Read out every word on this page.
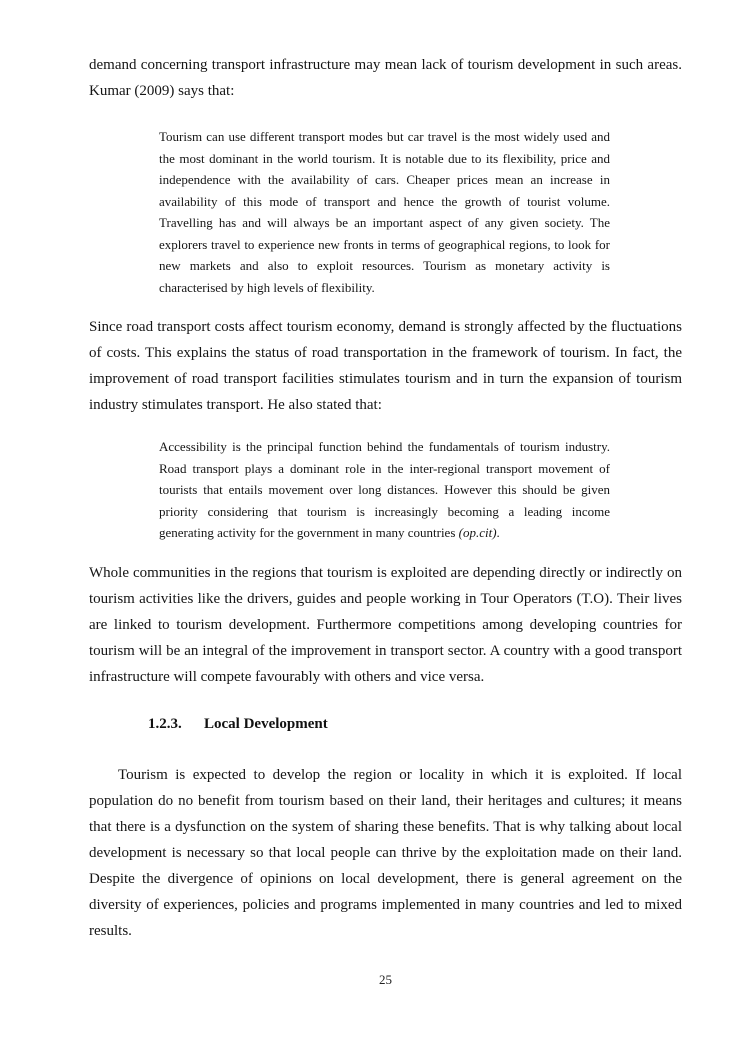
demand concerning transport infrastructure may mean lack of tourism development in such areas. Kumar (2009) says that:

Tourism can use different transport modes but car travel is the most widely used and the most dominant in the world tourism. It is notable due to its flexibility, price and independence with the availability of cars. Cheaper prices mean an increase in availability of this mode of transport and hence the growth of tourist volume. Travelling has and will always be an important aspect of any given society. The explorers travel to experience new fronts in terms of geographical regions, to look for new markets and also to exploit resources. Tourism as monetary activity is characterised by high levels of flexibility.

Since road transport costs affect tourism economy, demand is strongly affected by the fluctuations of costs. This explains the status of road transportation in the framework of tourism. In fact, the improvement of road transport facilities stimulates tourism and in turn the expansion of tourism industry stimulates transport. He also stated that:

Accessibility is the principal function behind the fundamentals of tourism industry. Road transport plays a dominant role in the inter-regional transport movement of tourists that entails movement over long distances. However this should be given priority considering that tourism is increasingly becoming a leading income generating activity for the government in many countries (op.cit).

Whole communities in the regions that tourism is exploited are depending directly or indirectly on tourism activities like the drivers, guides and people working in Tour Operators (T.O). Their lives are linked to tourism development. Furthermore competitions among developing countries for tourism will be an integral of the improvement in transport sector. A country with a good transport infrastructure will compete favourably with others and vice versa.

1.2.3. Local Development

Tourism is expected to develop the region or locality in which it is exploited. If local population do no benefit from tourism based on their land, their heritages and cultures; it means that there is a dysfunction on the system of sharing these benefits. That is why talking about local development is necessary so that local people can thrive by the exploitation made on their land. Despite the divergence of opinions on local development, there is general agreement on the diversity of experiences, policies and programs implemented in many countries and led to mixed results.

25
